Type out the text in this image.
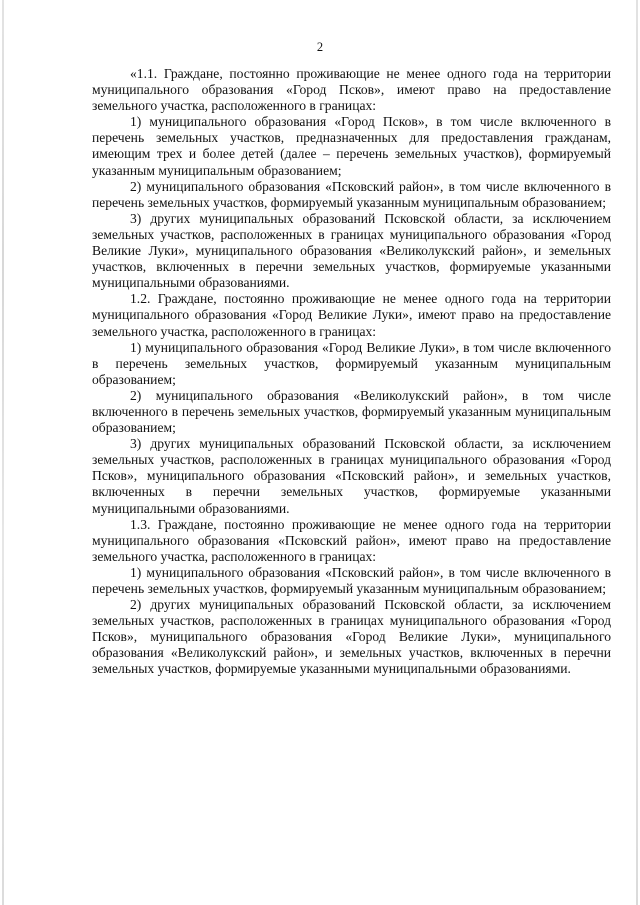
2

«1.1. Граждане, постоянно проживающие не менее одного года на территории муниципального образования «Город Псков», имеют право на предоставление земельного участка, расположенного в границах:

1) муниципального образования «Город Псков», в том числе включенного в перечень земельных участков, предназначенных для предоставления гражданам, имеющим трех и более детей (далее – перечень земельных участков), формируемый указанным муниципальным образованием;

2) муниципального образования «Псковский район», в том числе включенного в перечень земельных участков, формируемый указанным муниципальным образованием;

3) других муниципальных образований Псковской области, за исключением земельных участков, расположенных в границах муниципального образования «Город Великие Луки», муниципального образования «Великолукский район», и земельных участков, включенных в перечни земельных участков, формируемые указанными муниципальными образованиями.

1.2. Граждане, постоянно проживающие не менее одного года на территории муниципального образования «Город Великие Луки», имеют право на предоставление земельного участка, расположенного в границах:

1) муниципального образования «Город Великие Луки», в том числе включенного в перечень земельных участков, формируемый указанным муниципальным образованием;

2) муниципального образования «Великолукский район», в том числе включенного в перечень земельных участков, формируемый указанным муниципальным образованием;

3) других муниципальных образований Псковской области, за исключением земельных участков, расположенных в границах муниципального образования «Город Псков», муниципального образования «Псковский район», и земельных участков, включенных в перечни земельных участков, формируемые указанными муниципальными образованиями.

1.3. Граждане, постоянно проживающие не менее одного года на территории муниципального образования «Псковский район», имеют право на предоставление земельного участка, расположенного в границах:

1) муниципального образования «Псковский район», в том числе включенного в перечень земельных участков, формируемый указанным муниципальным образованием;

2) других муниципальных образований Псковской области, за исключением земельных участков, расположенных в границах муниципального образования «Город Псков», муниципального образования «Город Великие Луки», муниципального образования «Великолукский район», и земельных участков, включенных в перечни земельных участков, формируемые указанными муниципальными образованиями.
